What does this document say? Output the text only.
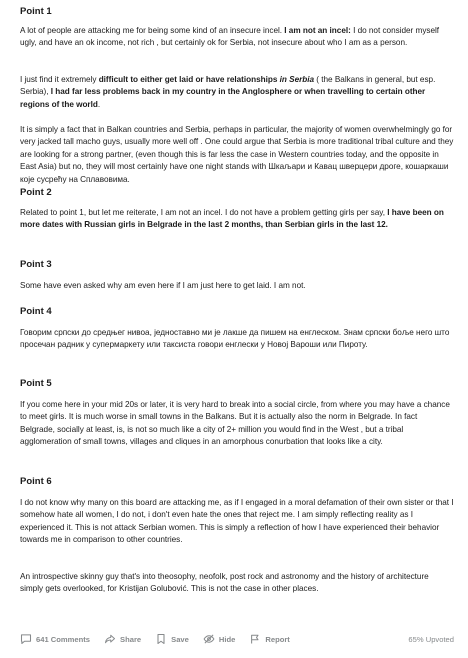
Point 1

A lot of people are attacking me for being some kind of an insecure incel. I am not an incel: I do not consider myself ugly, and have an ok income, not rich , but certainly ok for Serbia, not insecure about who I am as a person.

I just find it extremely difficult to either get laid or have relationships in Serbia ( the Balkans in general, but esp. Serbia), I had far less problems back in my country in the Anglosphere or when travelling to certain other regions of the world.

It is simply a fact that in Balkan countries and Serbia, perhaps in particular, the majority of women overwhelmingly go for very jacked tall macho guys, usually more well off . One could argue that Serbia is more traditional tribal culture and they are looking for a strong partner, (even though this is far less the case in Western countries today, and the opposite in East Asia) but no, they will most certainly have one night stands with Шкаљари и Кавац шверцери дроге, кошаркаши које сусрећу на Сплавовима.

Point 2

Related to point 1, but let me reiterate, I am not an incel. I do not have a problem getting girls per say, I have been on more dates with Russian girls in Belgrade in the last 2 months, than Serbian girls in the last 12.

Point 3

Some have even asked why am even here if I am just here to get laid. I am not.

Point 4

Говорим српски до средњег нивоа, једноставно ми је лакше да пишем на енглеском. Знам српски боље него што просечан радник у супермаркету или таксиста говори енглески у Новој Вароши или Пироту.

Point 5

If you come here in your mid 20s or later, it is very hard to break into a social circle, from where you may have a chance to meet girls. It is much worse in small towns in the Balkans. But it is actually also the norm in Belgrade. In fact Belgrade, socially at least, is, is not so much like a city of 2+ million you would find in the West , but a tribal agglomeration of small towns, villages and cliques in an amorphous conurbation that looks like a city.

Point 6

I do not know why many on this board are attacking me, as if I engaged in a moral defamation of their own sister or that I somehow hate all women, I do not, i don't even hate the ones that reject me. I am simply reflecting reality as I experienced it. This is not attack Serbian women. This is simply a reflection of how I have experienced their behavior towards me in comparison to other countries.

An introspective skinny guy that's into theosophy, neofolk, post rock and astronomy and the history of architecture simply gets overlooked, for Kristijan Golubović. This is not the case in other places.

641 Comments	Share	Save	Hide	Report	65% Upvoted
